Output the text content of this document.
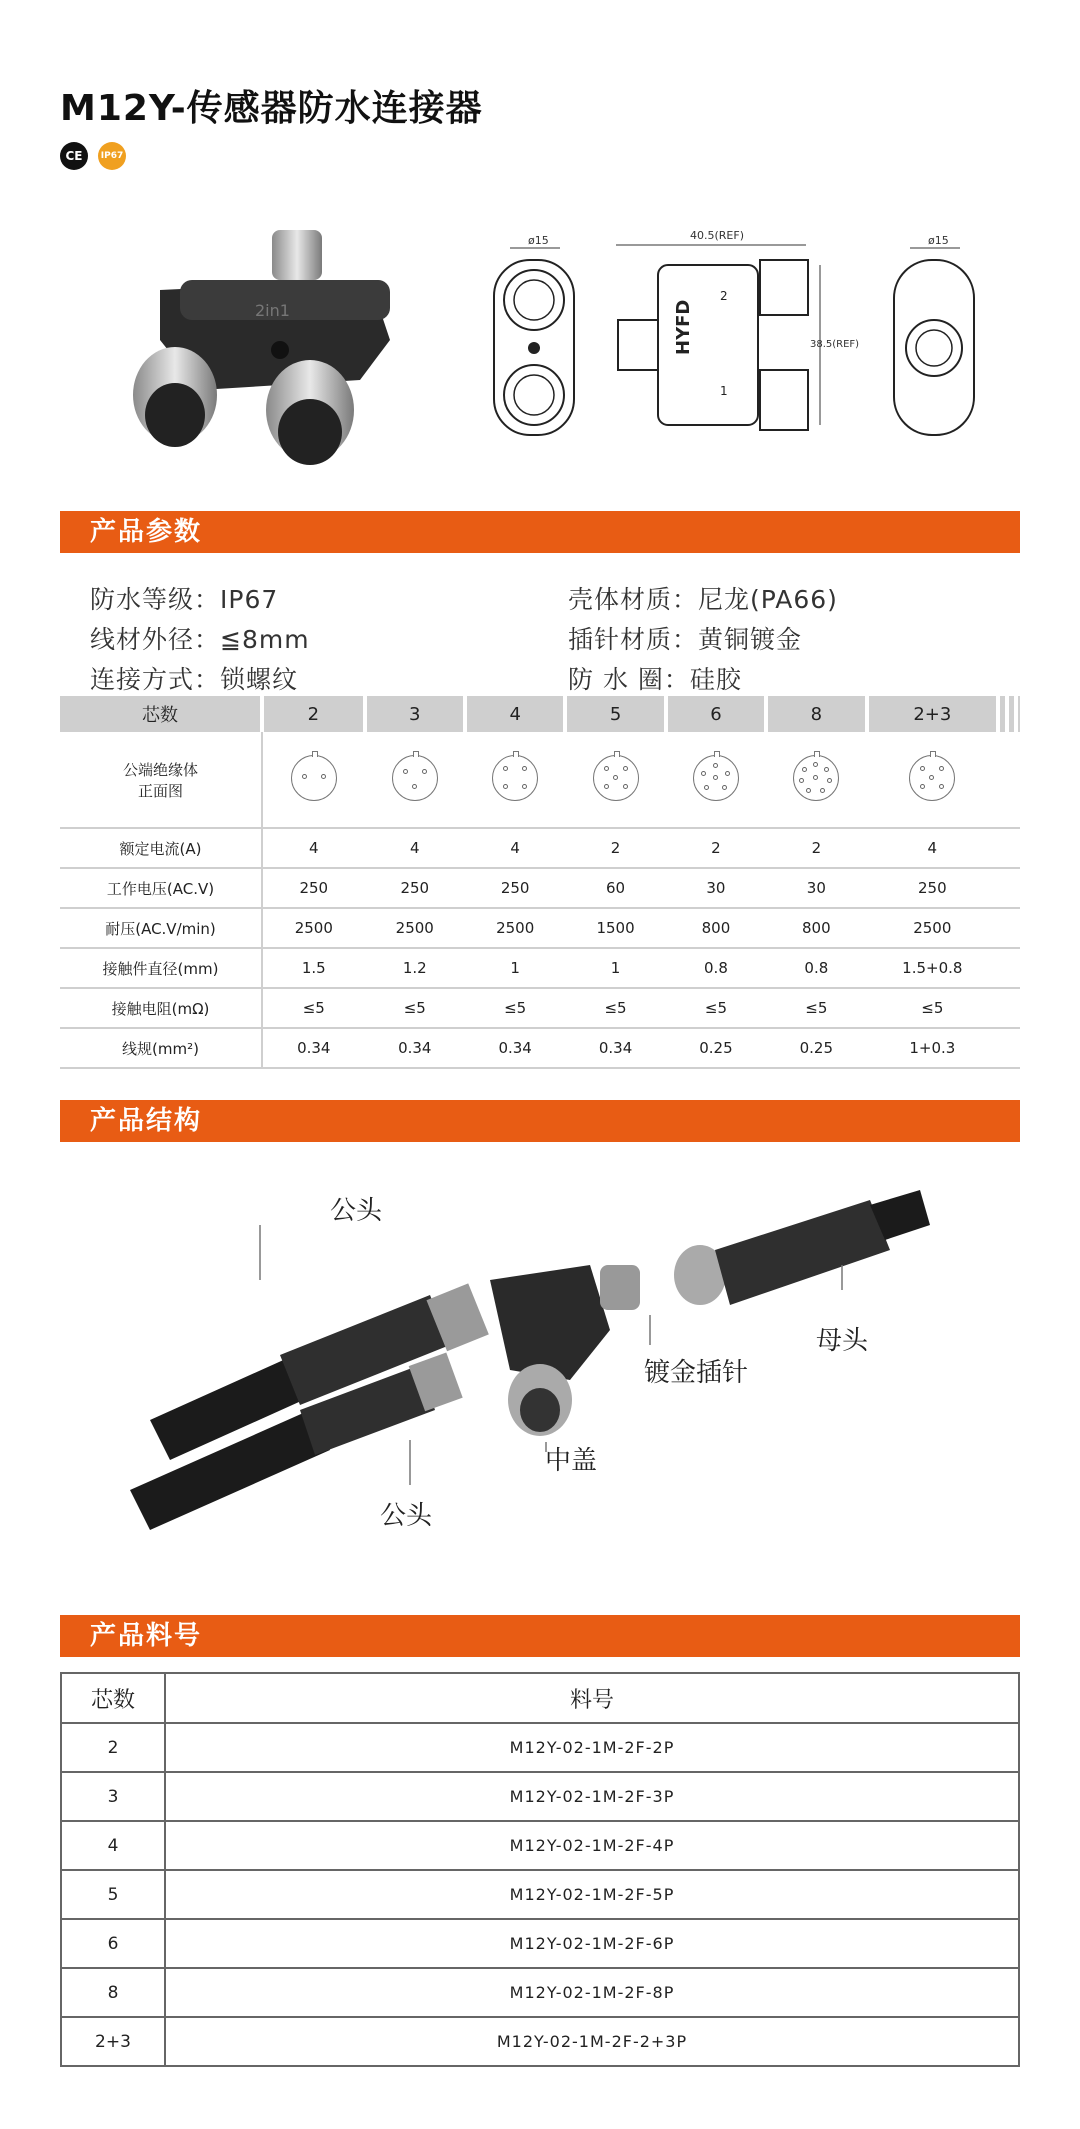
M12Y-传感器防水连接器
CE	IP67
2in1
ø15	40.5(REF)
HYFD
2
1
38.5(REF)
ø15
产品参数
防水等级：IP67	壳体材质：尼龙(PA66)
线材外径：≦8mm	插针材质：黄铜镀金
连接方式：锁螺纹	防 水 圈：硅胶
芯数	2	3	4	5	6	8	2+3			
公端绝缘体
正面图	

额定电流(A)	4	4	4	2	2	2	4			
工作电压(AC.V)	250	250	250	60	30	30	250			
耐压(AC.V/min)	2500	2500	2500	1500	800	800	2500			
接触件直径(mm)	1.5	1.2	1	1	0.8	0.8	1.5+0.8			
接触电阻(mΩ)	≤5	≤5	≤5	≤5	≤5	≤5	≤5			
线规(mm²)	0.34	0.34	0.34	0.34	0.25	0.25	1+0.3			
产品结构
公头
母头
镀金插针
中盖
公头
产品料号
芯数	料号
2	M12Y-02-1M-2F-2P
3	M12Y-02-1M-2F-3P
4	M12Y-02-1M-2F-4P
5	M12Y-02-1M-2F-5P
6	M12Y-02-1M-2F-6P
8	M12Y-02-1M-2F-8P
2+3	M12Y-02-1M-2F-2+3P
